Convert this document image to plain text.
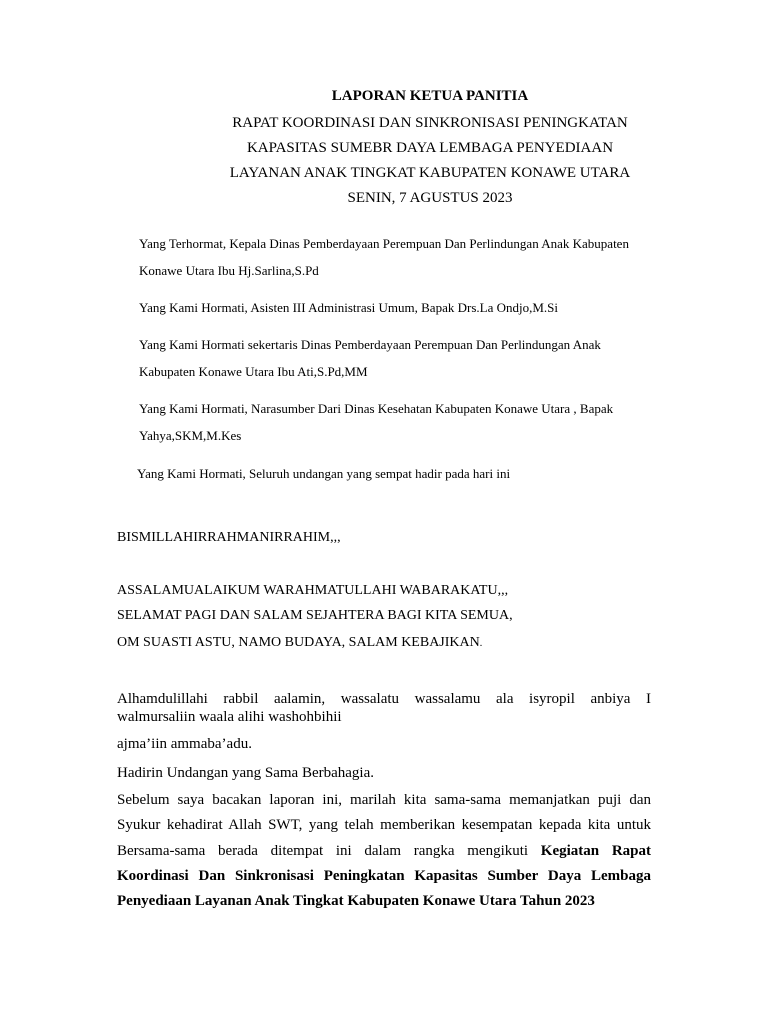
LAPORAN KETUA PANITIA
RAPAT KOORDINASI DAN SINKRONISASI PENINGKATAN
KAPASITAS SUMEBR DAYA LEMBAGA PENYEDIAAN
LAYANAN ANAK TINGKAT KABUPATEN KONAWE UTARA
SENIN, 7 AGUSTUS 2023
Yang Terhormat, Kepala Dinas Pemberdayaan Perempuan Dan Perlindungan Anak Kabupaten
Konawe Utara Ibu Hj.Sarlina,S.Pd
Yang Kami Hormati, Asisten III Administrasi Umum, Bapak Drs.La Ondjo,M.Si
Yang Kami Hormati sekertaris Dinas Pemberdayaan Perempuan Dan Perlindungan Anak
Kabupaten Konawe Utara Ibu Ati,S.Pd,MM
Yang Kami Hormati, Narasumber Dari Dinas Kesehatan Kabupaten Konawe Utara , Bapak
Yahya,SKM,M.Kes
Yang Kami Hormati, Seluruh undangan yang sempat hadir pada hari ini
BISMILLAHIRRAHMANIRRAHIM,,,
ASSALAMUALAIKUM WARAHMATULLAHI WABARAKATU,,,
SELAMAT PAGI DAN SALAM SEJAHTERA BAGI KITA SEMUA,
OM SUASTI ASTU, NAMO BUDAYA, SALAM KEBAJIKAN.
Alhamdulillahi rabbil aalamin, wassalatu wassalamu ala isyropil anbiya I
walmursaliin waala alihi washohbihii
ajma’iin ammaba’adu.
Hadirin Undangan yang Sama Berbahagia.
Sebelum saya bacakan laporan ini, marilah kita sama-sama memanjatkan puji dan
Syukur kehadirat Allah SWT, yang telah memberikan kesempatan kepada kita untuk
Bersama-sama berada ditempat ini dalam rangka mengikuti Kegiatan Rapat
Koordinasi Dan Sinkronisasi Peningkatan Kapasitas Sumber Daya Lembaga
Penyediaan Layanan Anak Tingkat Kabupaten Konawe Utara Tahun 2023
